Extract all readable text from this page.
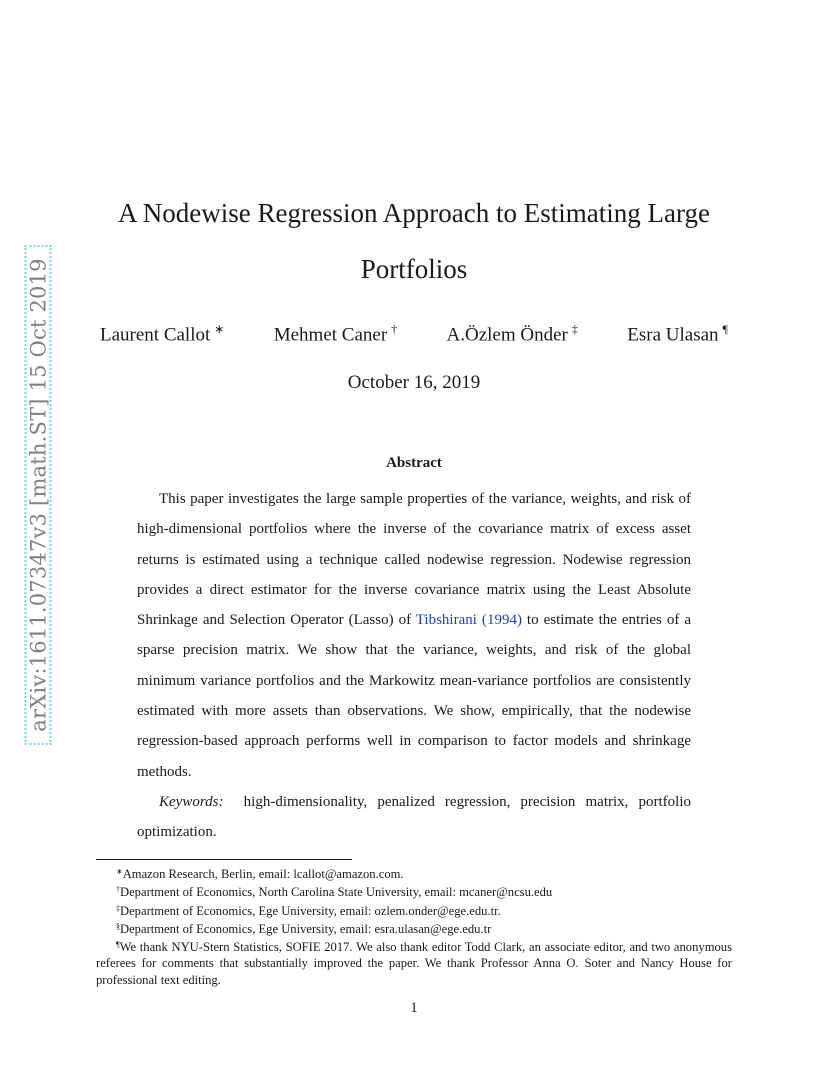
arXiv:1611.07347v3 [math.ST] 15 Oct 2019
A Nodewise Regression Approach to Estimating Large
Portfolios
Laurent Callot ∗	Mehmet Caner †	A.Özlem Önder ‡	Esra Ulasan ¶
October 16, 2019
Abstract

This paper investigates the large sample properties of the variance, weights, and risk of high-dimensional portfolios where the inverse of the covariance matrix of excess asset returns is estimated using a technique called nodewise regression. Nodewise regression provides a direct estimator for the inverse covariance matrix using the Least Absolute Shrinkage and Selection Operator (Lasso) of Tibshirani (1994) to estimate the entries of a sparse precision matrix. We show that the variance, weights, and risk of the global minimum variance portfolios and the Markowitz mean-variance portfolios are consistently estimated with more assets than observations. We show, empirically, that the nodewise regression-based approach performs well in comparison to factor models and shrinkage methods.

Keywords: high-dimensionality, penalized regression, precision matrix, portfolio optimization.

∗Amazon Research, Berlin, email: lcallot@amazon.com.
†Department of Economics, North Carolina State University, email: mcaner@ncsu.edu
‡Department of Economics, Ege University, email: ozlem.onder@ege.edu.tr.
§Department of Economics, Ege University, email: esra.ulasan@ege.edu.tr
¶We thank NYU-Stern Statistics, SOFIE 2017. We also thank editor Todd Clark, an associate editor, and two anonymous referees for comments that substantially improved the paper. We thank Professor Anna O. Soter and Nancy House for professional text editing.
1
